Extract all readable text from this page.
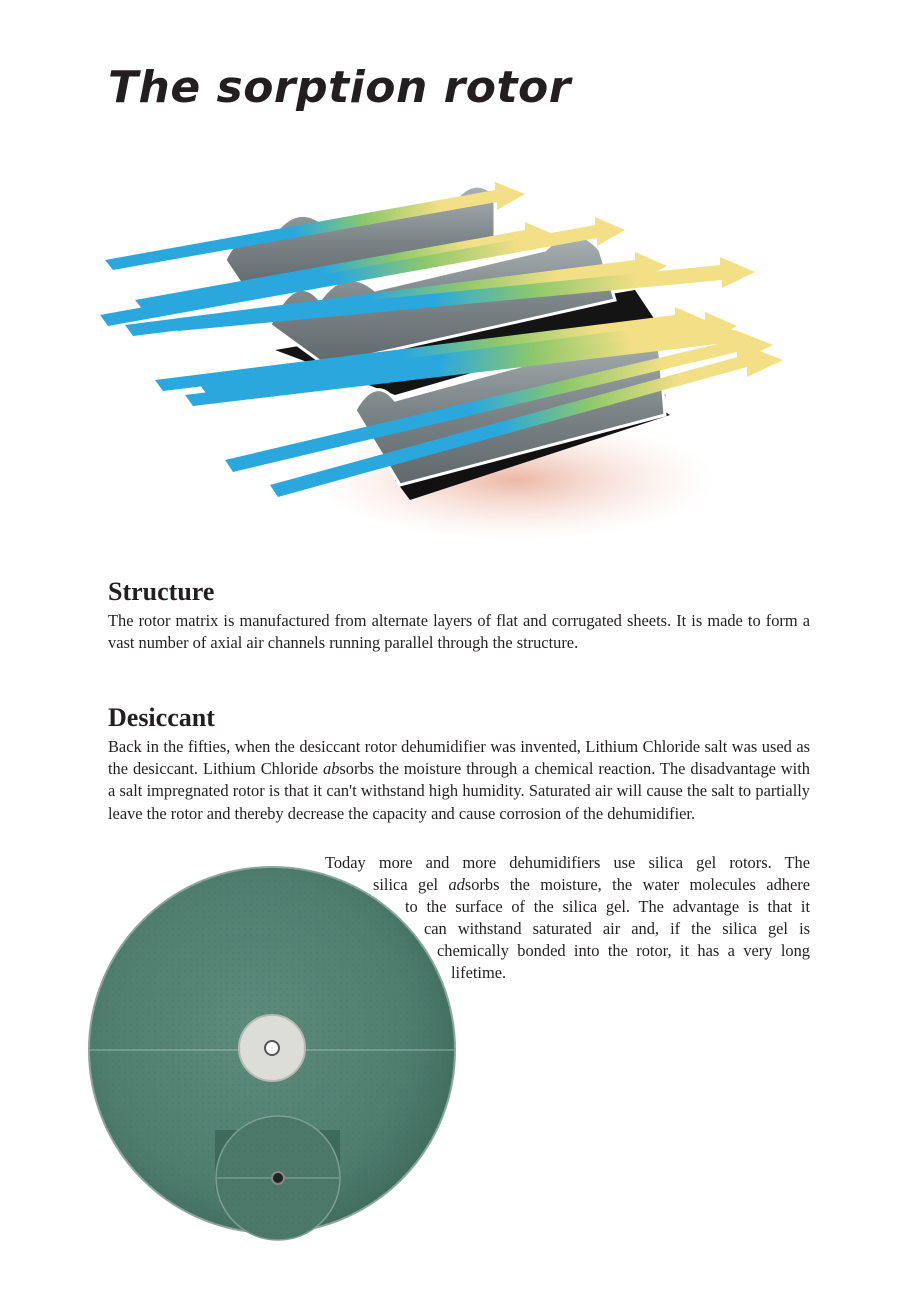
The sorption rotor
Structure

The rotor matrix is manufactured from alternate layers of flat and corrugated sheets. It is made to form a vast number of axial air channels running parallel through the structure.

Desiccant

Back in the fifties, when the desiccant rotor dehumidifier was invented, Lithium Chloride salt was used as the desiccant. Lithium Chloride absorbs the moisture through a chemical reaction. The disadvantage with a salt impregnated rotor is that it can't withstand high humidity. Saturated air will cause the salt to partially leave the rotor and thereby decrease the capacity and cause corrosion of the dehumidifier.

Today more and more dehumidifiers use silica gel rotors. The

silica gel adsorbs the moisture, the water molecules adhere

to the surface of the silica gel. The advantage is that it

can withstand saturated air and, if the silica gel is

chemically bonded into the rotor, it has a very long

lifetime.
